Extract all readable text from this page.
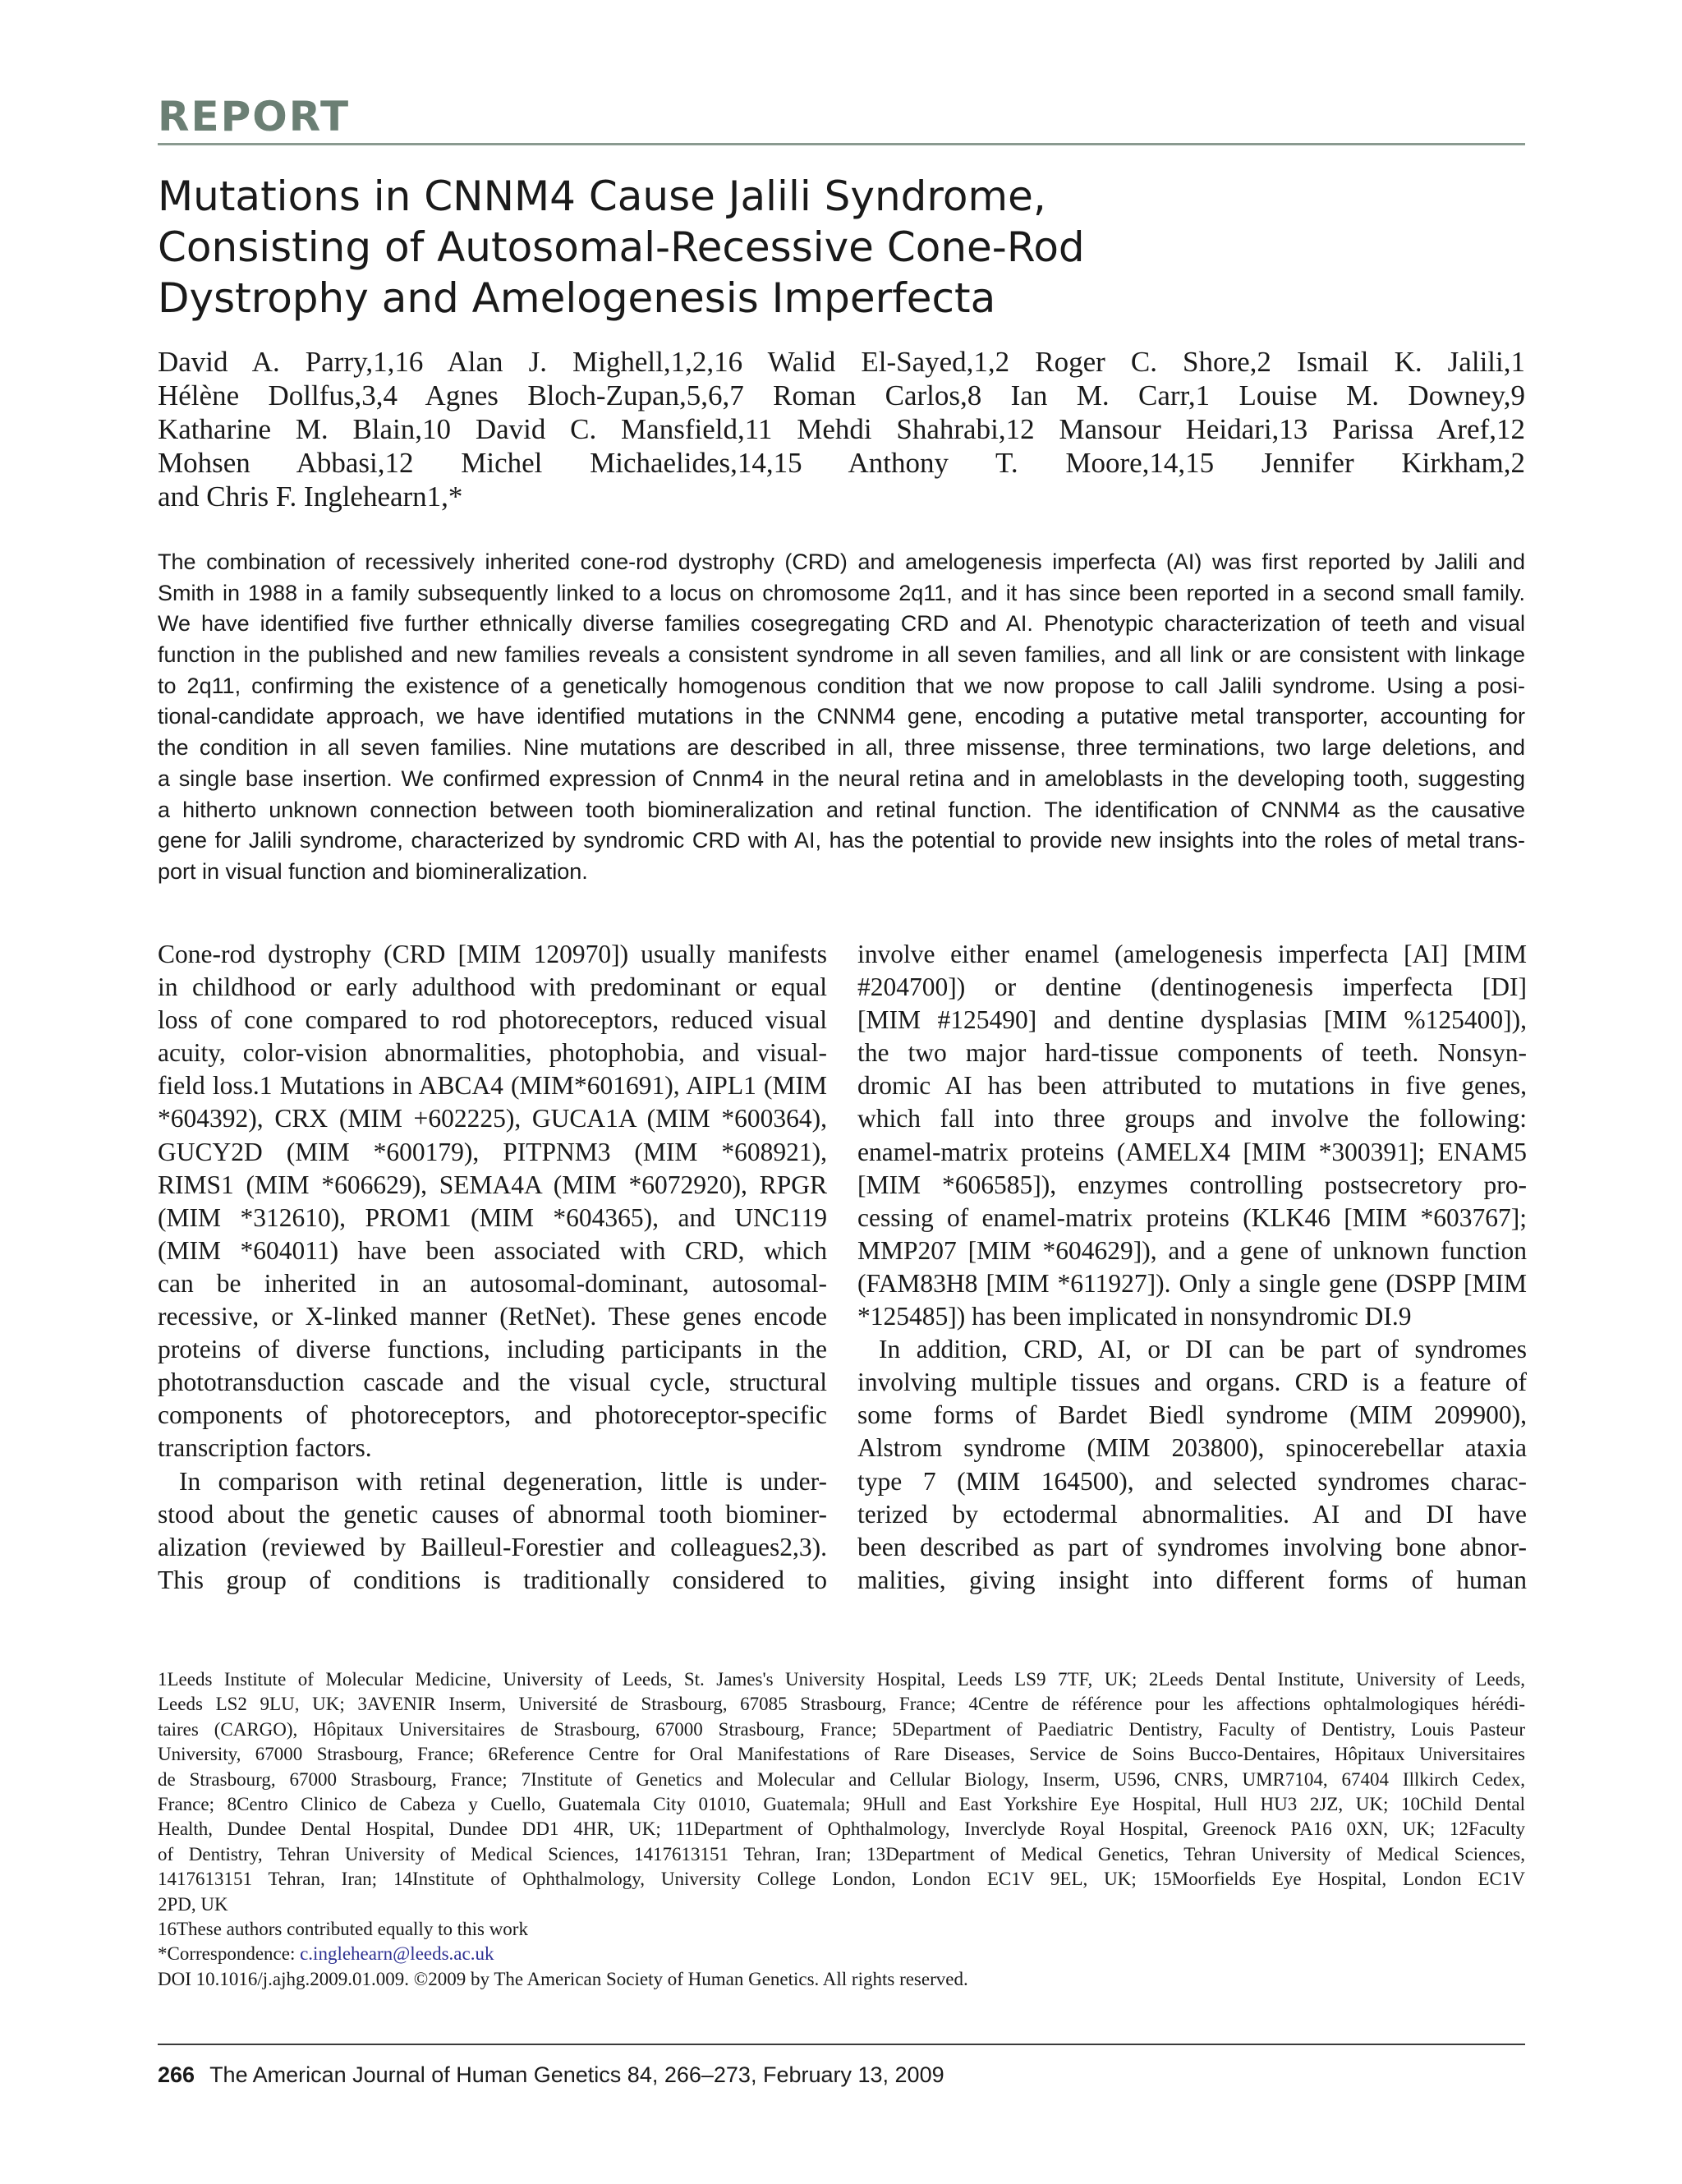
REPORT
Mutations in CNNM4 Cause Jalili Syndrome,
Consisting of Autosomal-Recessive Cone-Rod
Dystrophy and Amelogenesis Imperfecta
David A. Parry,1,16 Alan J. Mighell,1,2,16 Walid El-Sayed,1,2 Roger C. Shore,2 Ismail K. Jalili,1
Hélène Dollfus,3,4 Agnes Bloch-Zupan,5,6,7 Roman Carlos,8 Ian M. Carr,1 Louise M. Downey,9
Katharine M. Blain,10 David C. Mansfield,11 Mehdi Shahrabi,12 Mansour Heidari,13 Parissa Aref,12
Mohsen Abbasi,12 Michel Michaelides,14,15 Anthony T. Moore,14,15 Jennifer Kirkham,2
and Chris F. Inglehearn1,*
The combination of recessively inherited cone-rod dystrophy (CRD) and amelogenesis imperfecta (AI) was first reported by Jalili and
Smith in 1988 in a family subsequently linked to a locus on chromosome 2q11, and it has since been reported in a second small family.
We have identified five further ethnically diverse families cosegregating CRD and AI. Phenotypic characterization of teeth and visual
function in the published and new families reveals a consistent syndrome in all seven families, and all link or are consistent with linkage
to 2q11, confirming the existence of a genetically homogenous condition that we now propose to call Jalili syndrome. Using a posi-
tional-candidate approach, we have identified mutations in the CNNM4 gene, encoding a putative metal transporter, accounting for
the condition in all seven families. Nine mutations are described in all, three missense, three terminations, two large deletions, and
a single base insertion. We confirmed expression of Cnnm4 in the neural retina and in ameloblasts in the developing tooth, suggesting
a hitherto unknown connection between tooth biomineralization and retinal function. The identification of CNNM4 as the causative
gene for Jalili syndrome, characterized by syndromic CRD with AI, has the potential to provide new insights into the roles of metal trans-
port in visual function and biomineralization.
Cone-rod dystrophy (CRD [MIM 120970]) usually manifests
in childhood or early adulthood with predominant or equal
loss of cone compared to rod photoreceptors, reduced visual
acuity, color-vision abnormalities, photophobia, and visual-
field loss.1 Mutations in ABCA4 (MIM*601691), AIPL1 (MIM
*604392), CRX (MIM +602225), GUCA1A (MIM *600364),
GUCY2D (MIM *600179), PITPNM3 (MIM *608921),
RIMS1 (MIM *606629), SEMA4A (MIM *6072920), RPGR
(MIM *312610), PROM1 (MIM *604365), and UNC119
(MIM *604011) have been associated with CRD, which
can be inherited in an autosomal-dominant, autosomal-
recessive, or X-linked manner (RetNet). These genes encode
proteins of diverse functions, including participants in the
phototransduction cascade and the visual cycle, structural
components of photoreceptors, and photoreceptor-specific
transcription factors.
In comparison with retinal degeneration, little is under-
stood about the genetic causes of abnormal tooth biominer-
alization (reviewed by Bailleul-Forestier and colleagues2,3).
This group of conditions is traditionally considered to
involve either enamel (amelogenesis imperfecta [AI] [MIM
#204700]) or dentine (dentinogenesis imperfecta [DI]
[MIM #125490] and dentine dysplasias [MIM %125400]),
the two major hard-tissue components of teeth. Nonsyn-
dromic AI has been attributed to mutations in five genes,
which fall into three groups and involve the following:
enamel-matrix proteins (AMELX4 [MIM *300391]; ENAM5
[MIM *606585]), enzymes controlling postsecretory pro-
cessing of enamel-matrix proteins (KLK46 [MIM *603767];
MMP207 [MIM *604629]), and a gene of unknown function
(FAM83H8 [MIM *611927]). Only a single gene (DSPP [MIM
*125485]) has been implicated in nonsyndromic DI.9
In addition, CRD, AI, or DI can be part of syndromes
involving multiple tissues and organs. CRD is a feature of
some forms of Bardet Biedl syndrome (MIM 209900),
Alstrom syndrome (MIM 203800), spinocerebellar ataxia
type 7 (MIM 164500), and selected syndromes charac-
terized by ectodermal abnormalities. AI and DI have
been described as part of syndromes involving bone abnor-
malities, giving insight into different forms of human
1Leeds Institute of Molecular Medicine, University of Leeds, St. James's University Hospital, Leeds LS9 7TF, UK; 2Leeds Dental Institute, University of Leeds,
Leeds LS2 9LU, UK; 3AVENIR Inserm, Université de Strasbourg, 67085 Strasbourg, France; 4Centre de référence pour les affections ophtalmologiques hérédi-
taires (CARGO), Hôpitaux Universitaires de Strasbourg, 67000 Strasbourg, France; 5Department of Paediatric Dentistry, Faculty of Dentistry, Louis Pasteur
University, 67000 Strasbourg, France; 6Reference Centre for Oral Manifestations of Rare Diseases, Service de Soins Bucco-Dentaires, Hôpitaux Universitaires
de Strasbourg, 67000 Strasbourg, France; 7Institute of Genetics and Molecular and Cellular Biology, Inserm, U596, CNRS, UMR7104, 67404 Illkirch Cedex,
France; 8Centro Clinico de Cabeza y Cuello, Guatemala City 01010, Guatemala; 9Hull and East Yorkshire Eye Hospital, Hull HU3 2JZ, UK; 10Child Dental
Health, Dundee Dental Hospital, Dundee DD1 4HR, UK; 11Department of Ophthalmology, Inverclyde Royal Hospital, Greenock PA16 0XN, UK; 12Faculty
of Dentistry, Tehran University of Medical Sciences, 1417613151 Tehran, Iran; 13Department of Medical Genetics, Tehran University of Medical Sciences,
1417613151 Tehran, Iran; 14Institute of Ophthalmology, University College London, London EC1V 9EL, UK; 15Moorfields Eye Hospital, London EC1V
2PD, UK
16These authors contributed equally to this work
*Correspondence: c.inglehearn@leeds.ac.uk
DOI 10.1016/j.ajhg.2009.01.009. ©2009 by The American Society of Human Genetics. All rights reserved.
266 The American Journal of Human Genetics 84, 266–273, February 13, 2009
